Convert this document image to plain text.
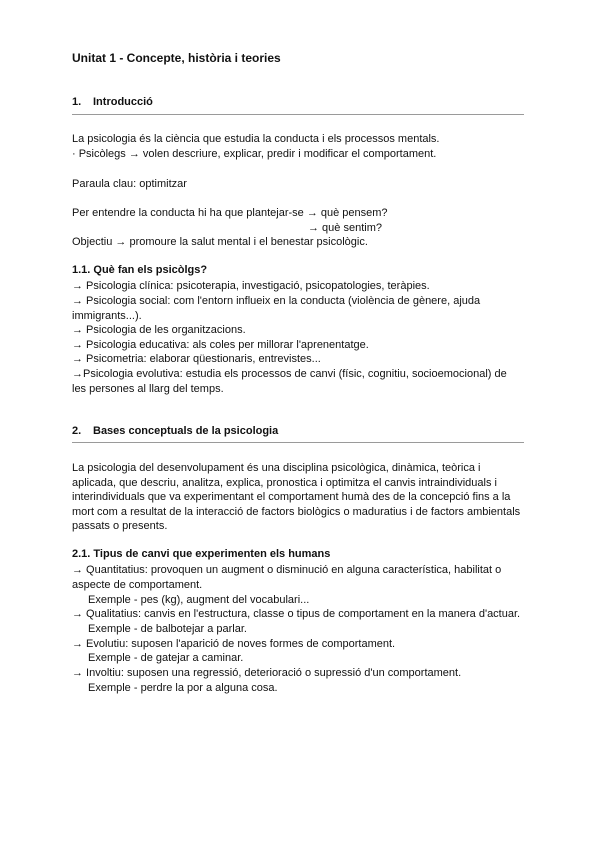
Unitat 1 - Concepte, història i teories
1. Introducció
La psicologia és la ciència que estudia la conducta i els processos mentals.
· Psicòlegs → volen descriure, explicar, predir i modificar el comportament.
Paraula clau: optimitzar
Per entendre la conducta hi ha que plantejar-se → què pensem?
→ què sentim?
Objectiu → promoure la salut mental i el benestar psicològic.
1.1. Què fan els psicòlgs?
→ Psicologia clínica: psicoterapia, investigació, psicopatologies, teràpies.
→ Psicologia social: com l'entorn influeix en la conducta (violència de gènere, ajuda
immigrants...).
→ Psicologia de les organitzacions.
→ Psicologia educativa: als coles per millorar l'aprenentatge.
→ Psicometria: elaborar qüestionaris, entrevistes...
→Psicologia evolutiva: estudia els processos de canvi (físic, cognitiu, socioemocional) de
les persones al llarg del temps.
2. Bases conceptuals de la psicologia
La psicologia del desenvolupament és una disciplina psicològica, dinàmica, teòrica i
aplicada, que descriu, analitza, explica, pronostica i optimitza el canvis intraindividuals i
interindividuals que va experimentant el comportament humà des de la concepció fins a la
mort com a resultat de la interacció de factors biològics o maduratius i de factors ambientals
passats o presents.
2.1. Tipus de canvi que experimenten els humans
→ Quantitatius: provoquen un augment o disminució en alguna característica, habilitat o
aspecte de comportament.
Exemple - pes (kg), augment del vocabulari...
→ Qualitatius: canvis en l'estructura, classe o tipus de comportament en la manera d'actuar.
Exemple - de balbotejar a parlar.
→ Evolutiu: suposen l'aparició de noves formes de comportament.
Exemple - de gatejar a caminar.
→ Involtiu: suposen una regressió, deterioració o supressió d'un comportament.
Exemple - perdre la por a alguna cosa.
